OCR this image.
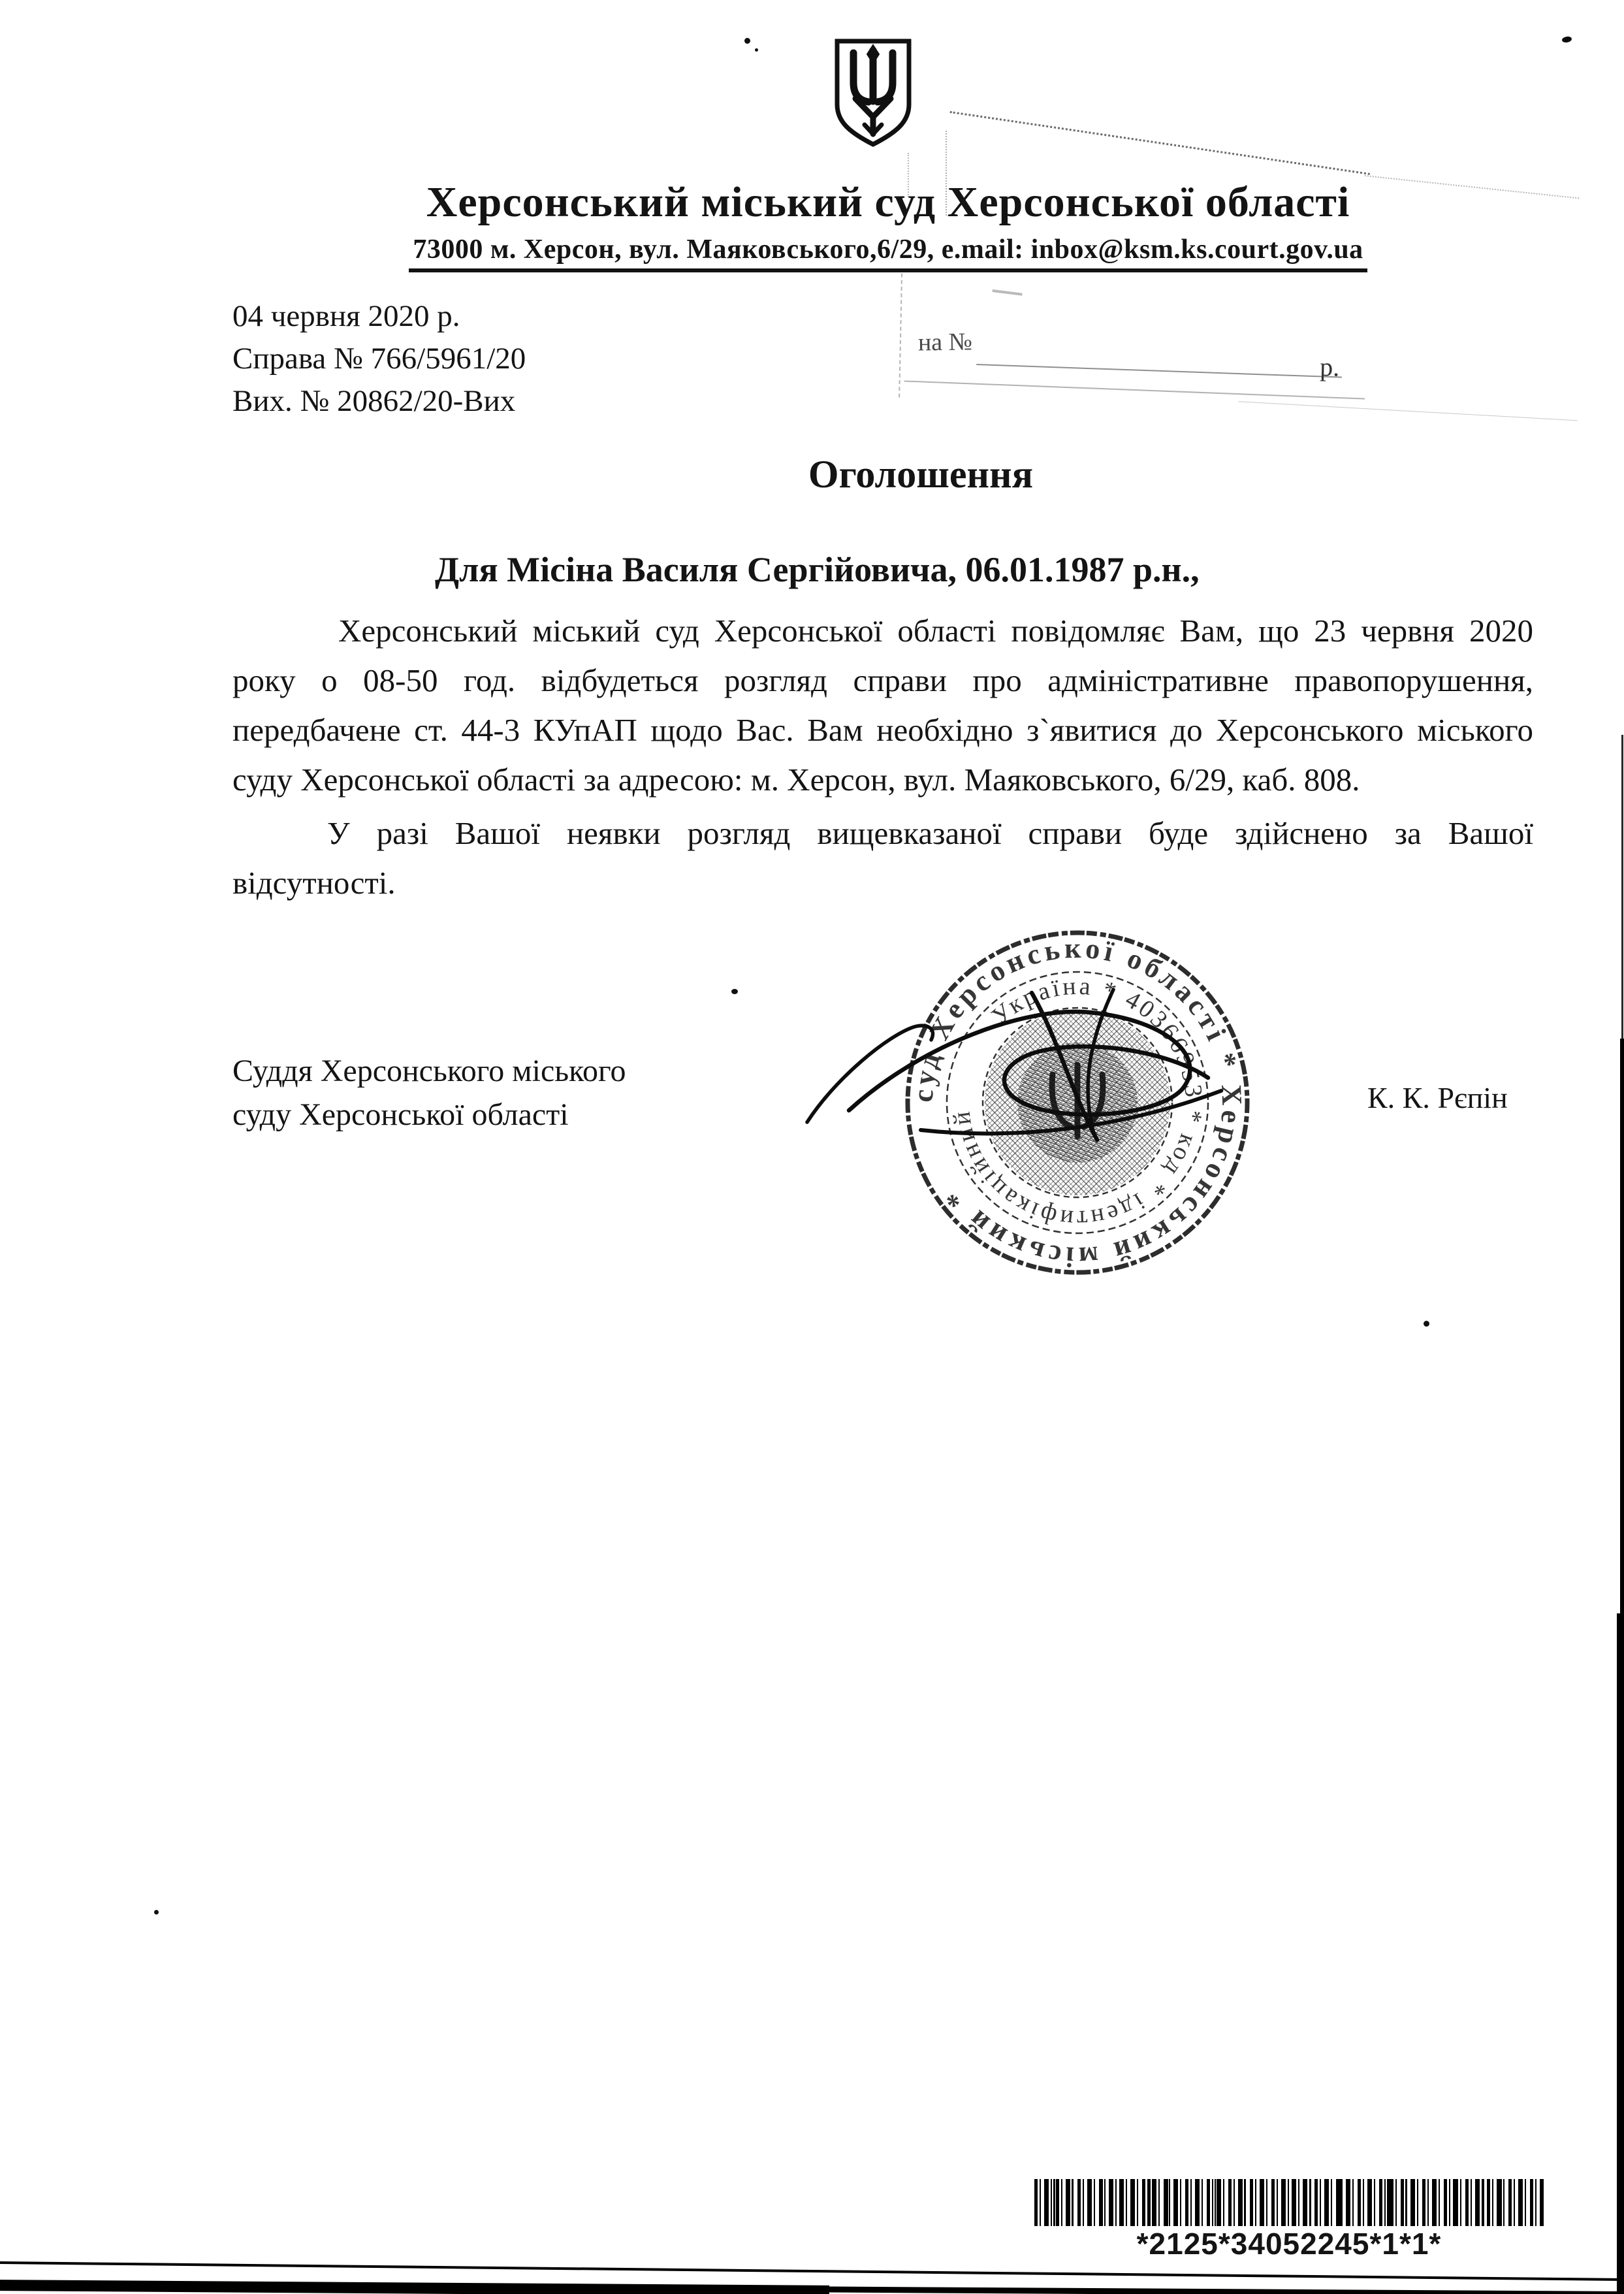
Херсонський міський суд Херсонської області
73000 м. Херсон, вул. Маяковського,6/29, e.mail: inbox@ksm.ks.court.gov.ua
04 червня 2020 р.
Справа № 766/5961/20
Вих. № 20862/20-Вих
на №
р.
Оголошення
Для Місіна Василя Сергійовича, 06.01.1987 р.н.,
Херсонський міський суд Херсонської області повідомляє Вам, що 23 червня 2020
року о 08-50 год. відбудеться розгляд справи про адміністративне правопорушення,
передбачене ст. 44-3 КУпАП щодо Вас. Вам необхідно з`явитися до Херсонського міського
суду Херсонської області за адресою: м. Херсон, вул. Маяковського, 6/29, каб. 808.
У разі Вашої неявки розгляд вищевказаної справи буде здійснено за Вашої
відсутності.
Суддя Херсонського міського
суду Херсонської області	К. К. Рєпін
суд Херсонської області * Херсонський міський *
Україна * 40366953 * код * ідентифікаційний
*2125*34052245*1*1*
